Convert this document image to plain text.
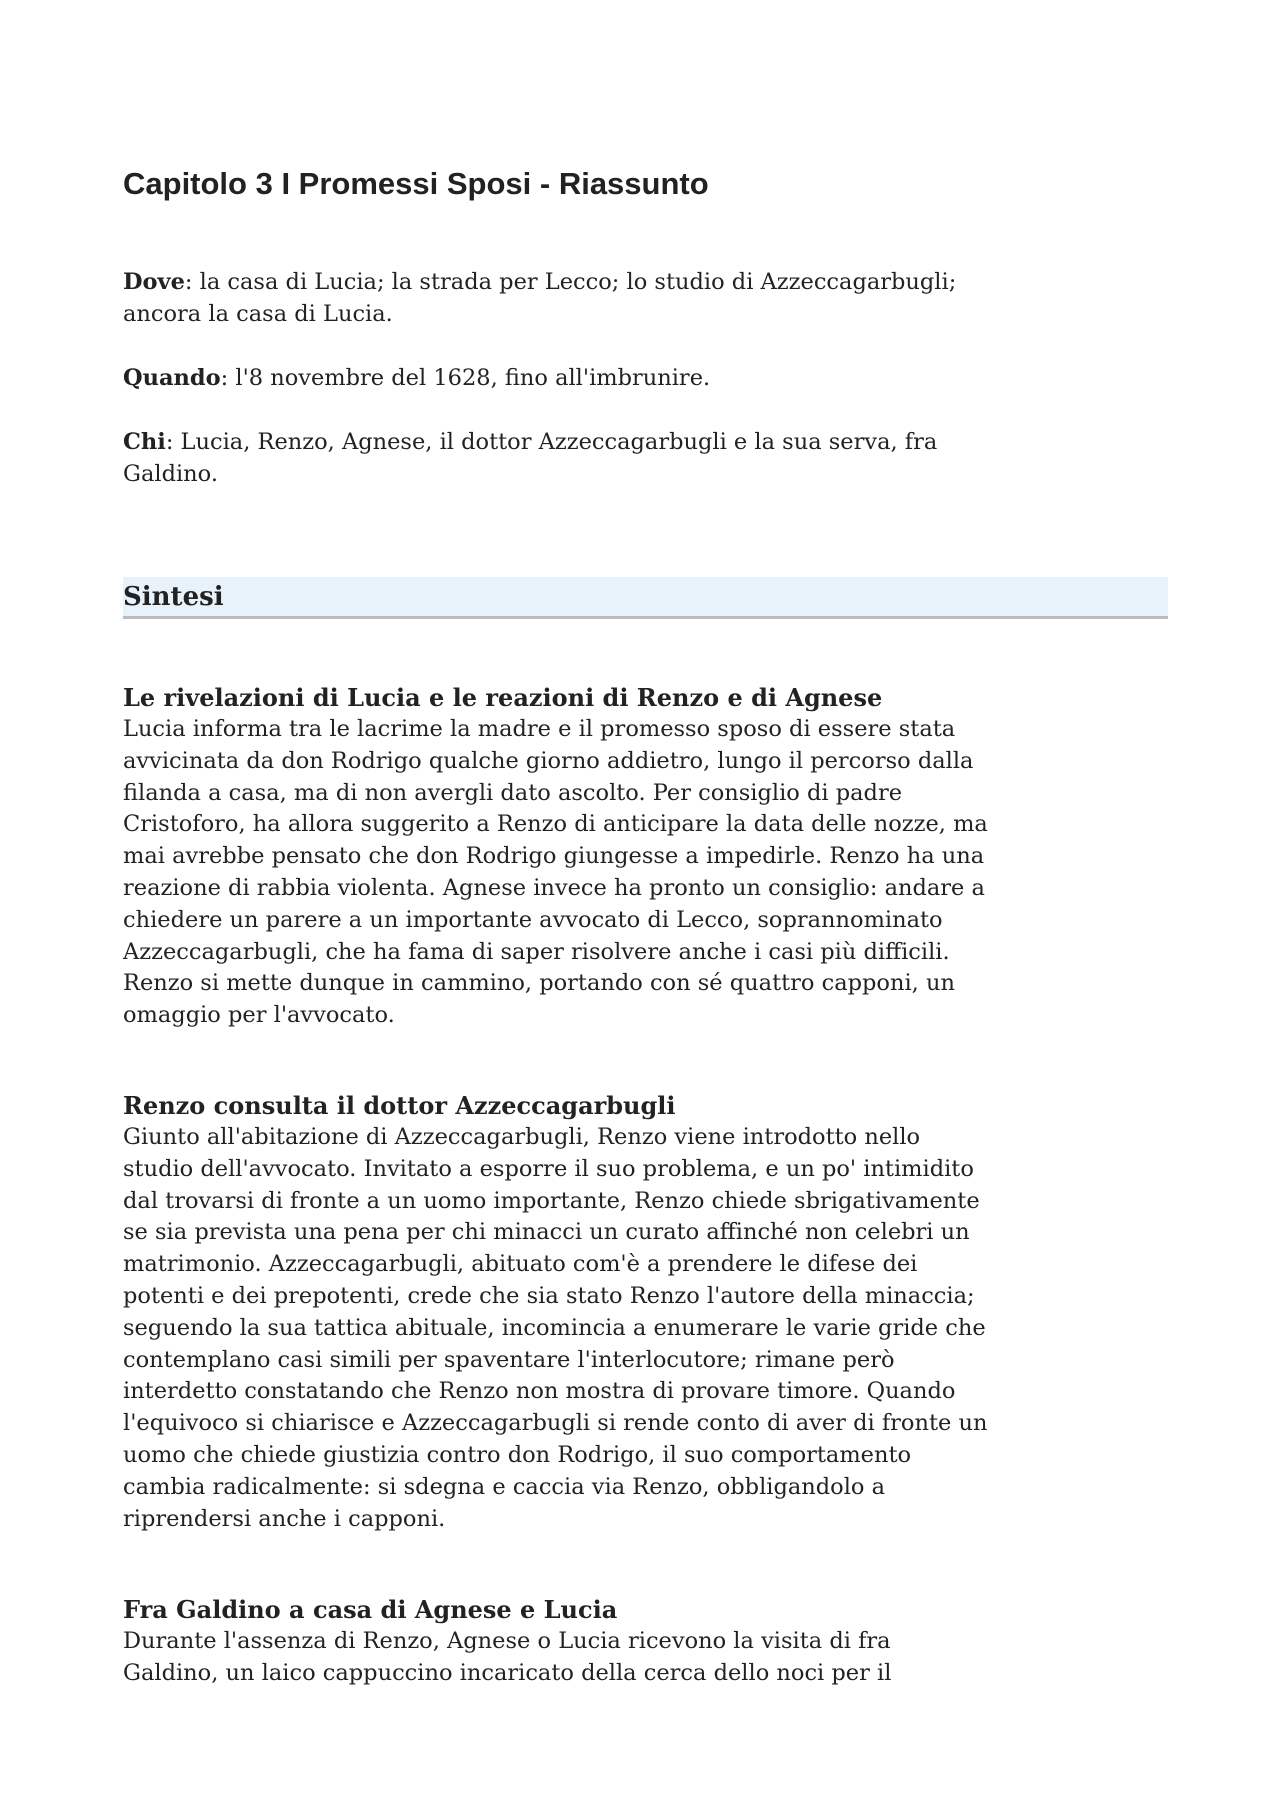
Capitolo 3 I Promessi Sposi - Riassunto

Dove: la casa di Lucia; la strada per Lecco; lo studio di Azzeccagarbugli;
ancora la casa di Lucia.

Quando: l'8 novembre del 1628, fino all'imbrunire.

Chi: Lucia, Renzo, Agnese, il dottor Azzeccagarbugli e la sua serva, fra
Galdino.

Sintesi
Le rivelazioni di Lucia e le reazioni di Renzo e di Agnese
Lucia informa tra le lacrime la madre e il promesso sposo di essere stata
avvicinata da don Rodrigo qualche giorno addietro, lungo il percorso dalla
filanda a casa, ma di non avergli dato ascolto. Per consiglio di padre
Cristoforo, ha allora suggerito a Renzo di anticipare la data delle nozze, ma
mai avrebbe pensato che don Rodrigo giungesse a impedirle. Renzo ha una
reazione di rabbia violenta. Agnese invece ha pronto un consiglio: andare a
chiedere un parere a un importante avvocato di Lecco, soprannominato
Azzeccagarbugli, che ha fama di saper risolvere anche i casi più difficili.
Renzo si mette dunque in cammino, portando con sé quattro capponi, un
omaggio per l'avvocato.
Renzo consulta il dottor Azzeccagarbugli
Giunto all'abitazione di Azzeccagarbugli, Renzo viene introdotto nello
studio dell'avvocato. Invitato a esporre il suo problema, e un po' intimidito
dal trovarsi di fronte a un uomo importante, Renzo chiede sbrigativamente
se sia prevista una pena per chi minacci un curato affinché non celebri un
matrimonio. Azzeccagarbugli, abituato com'è a prendere le difese dei
potenti e dei prepotenti, crede che sia stato Renzo l'autore della minaccia;
seguendo la sua tattica abituale, incomincia a enumerare le varie gride che
contemplano casi simili per spaventare l'interlocutore; rimane però
interdetto constatando che Renzo non mostra di provare timore. Quando
l'equivoco si chiarisce e Azzeccagarbugli si rende conto di aver di fronte un
uomo che chiede giustizia contro don Rodrigo, il suo comportamento
cambia radicalmente: si sdegna e caccia via Renzo, obbligandolo a
riprendersi anche i capponi.
Fra Galdino a casa di Agnese e Lucia
Durante l'assenza di Renzo, Agnese o Lucia ricevono la visita di fra
Galdino, un laico cappuccino incaricato della cerca dello noci per il
